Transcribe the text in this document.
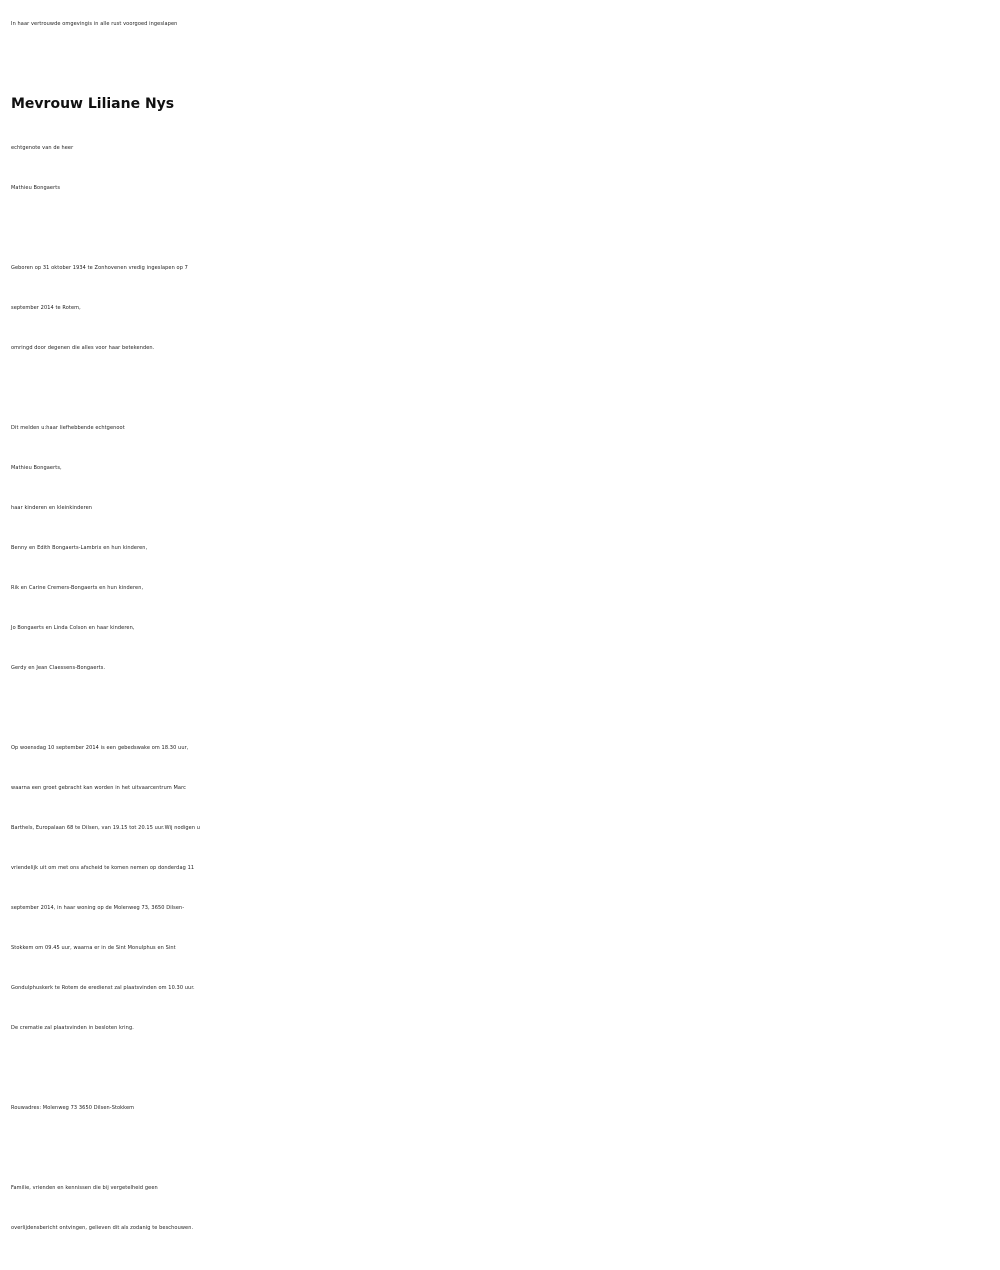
In haar vertrouwde omgevingis in alle rust voorgoed ingeslapen
Mevrouw Liliane Nys
echtgenote van de heer
Mathieu Bongaerts
Geboren op 31 oktober 1934 te Zonhovenen vredig ingeslapen op 7
september 2014 te Rotem,
omringd door degenen die alles voor haar betekenden.
Dit melden u:haar liefhebbende echtgenoot
Mathieu Bongaerts,
haar kinderen en kleinkinderen
Benny en Edith Bongaerts-Lambrix en hun kinderen,
Rik en Carine Cremers-Bongaerts en hun kinderen,
Jo Bongaerts en Linda Colson en haar kinderen,
Gerdy en Jean Claessens-Bongaerts.
Op woensdag 10 september 2014 is een gebedswake om 18.30 uur,
waarna een groet gebracht kan worden in het uitvaarcentrum Marc
Barthels, Europalaan 68 te Dilsen, van 19.15 tot 20.15 uur.Wij nodigen u
vriendelijk uit om met ons afscheid te komen nemen op donderdag 11
september 2014, in haar woning op de Molenweg 73, 3650 Dilsen-
Stokkem om 09.45 uur, waarna er in de Sint Monulphus en Sint
Gondulphuskerk te Rotem de eredienst zal plaatsvinden om 10.30 uur.
De crematie zal plaatsvinden in besloten kring.
Rouwadres: Molenweg 73 3650 Dilsen-Stokkem
Familie, vrienden en kennissen die bij vergetelheid geen
overlijdensbericht ontvingen, gelieven dit als zodanig te beschouwen.
